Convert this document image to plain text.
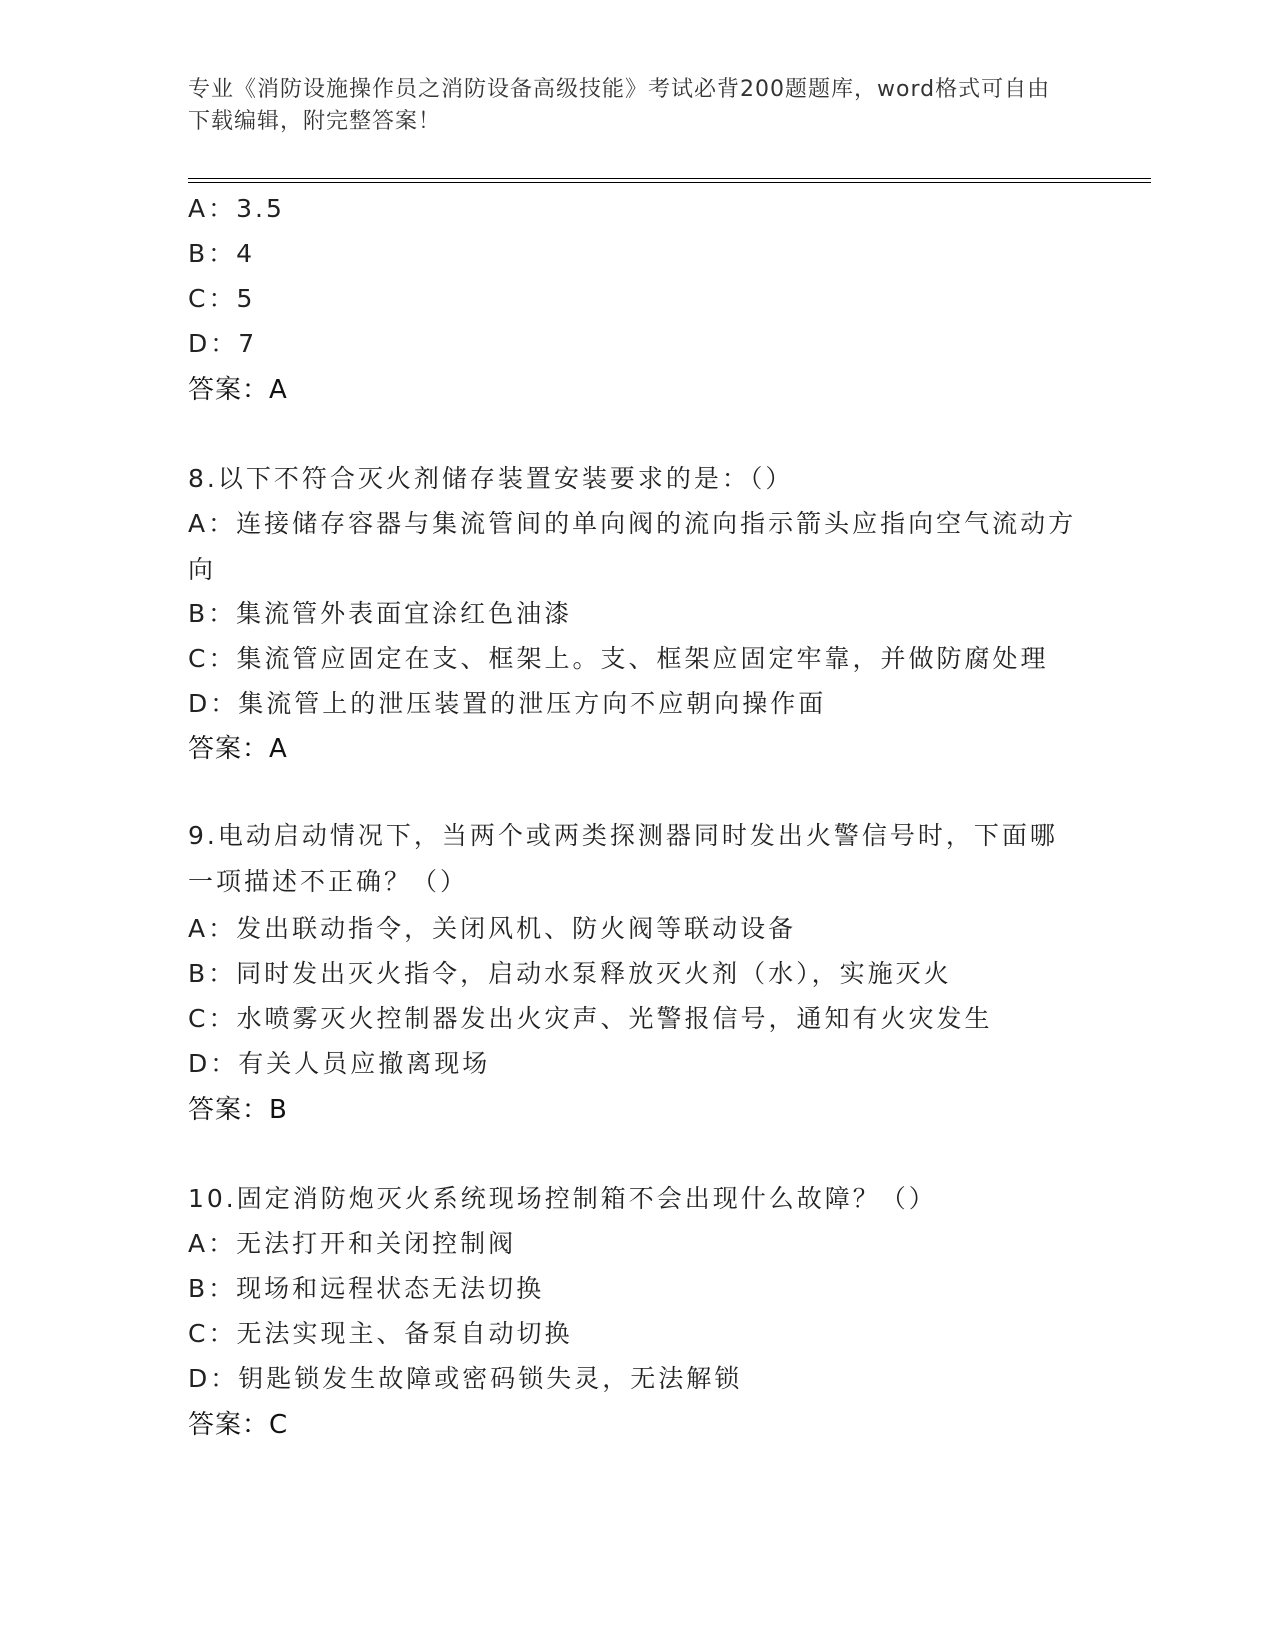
专业《消防设施操作员之消防设备高级技能》考试必背200题题库，word格式可自由下载编辑，附完整答案！
A：3.5
B：4
C：5
D：7
答案：A
8.以下不符合灭火剂储存装置安装要求的是：（）
A：连接储存容器与集流管间的单向阀的流向指示箭头应指向空气流动方向
B：集流管外表面宜涂红色油漆
C：集流管应固定在支、框架上。支、框架应固定牢靠，并做防腐处理
D：集流管上的泄压装置的泄压方向不应朝向操作面
答案：A
9.电动启动情况下，当两个或两类探测器同时发出火警信号时，下面哪一项描述不正确？（）
A：发出联动指令，关闭风机、防火阀等联动设备
B：同时发出灭火指令，启动水泵释放灭火剂（水），实施灭火
C：水喷雾灭火控制器发出火灾声、光警报信号，通知有火灾发生
D：有关人员应撤离现场
答案：B
10.固定消防炮灭火系统现场控制箱不会出现什么故障？（）
A：无法打开和关闭控制阀
B：现场和远程状态无法切换
C：无法实现主、备泵自动切换
D：钥匙锁发生故障或密码锁失灵，无法解锁
答案：C
